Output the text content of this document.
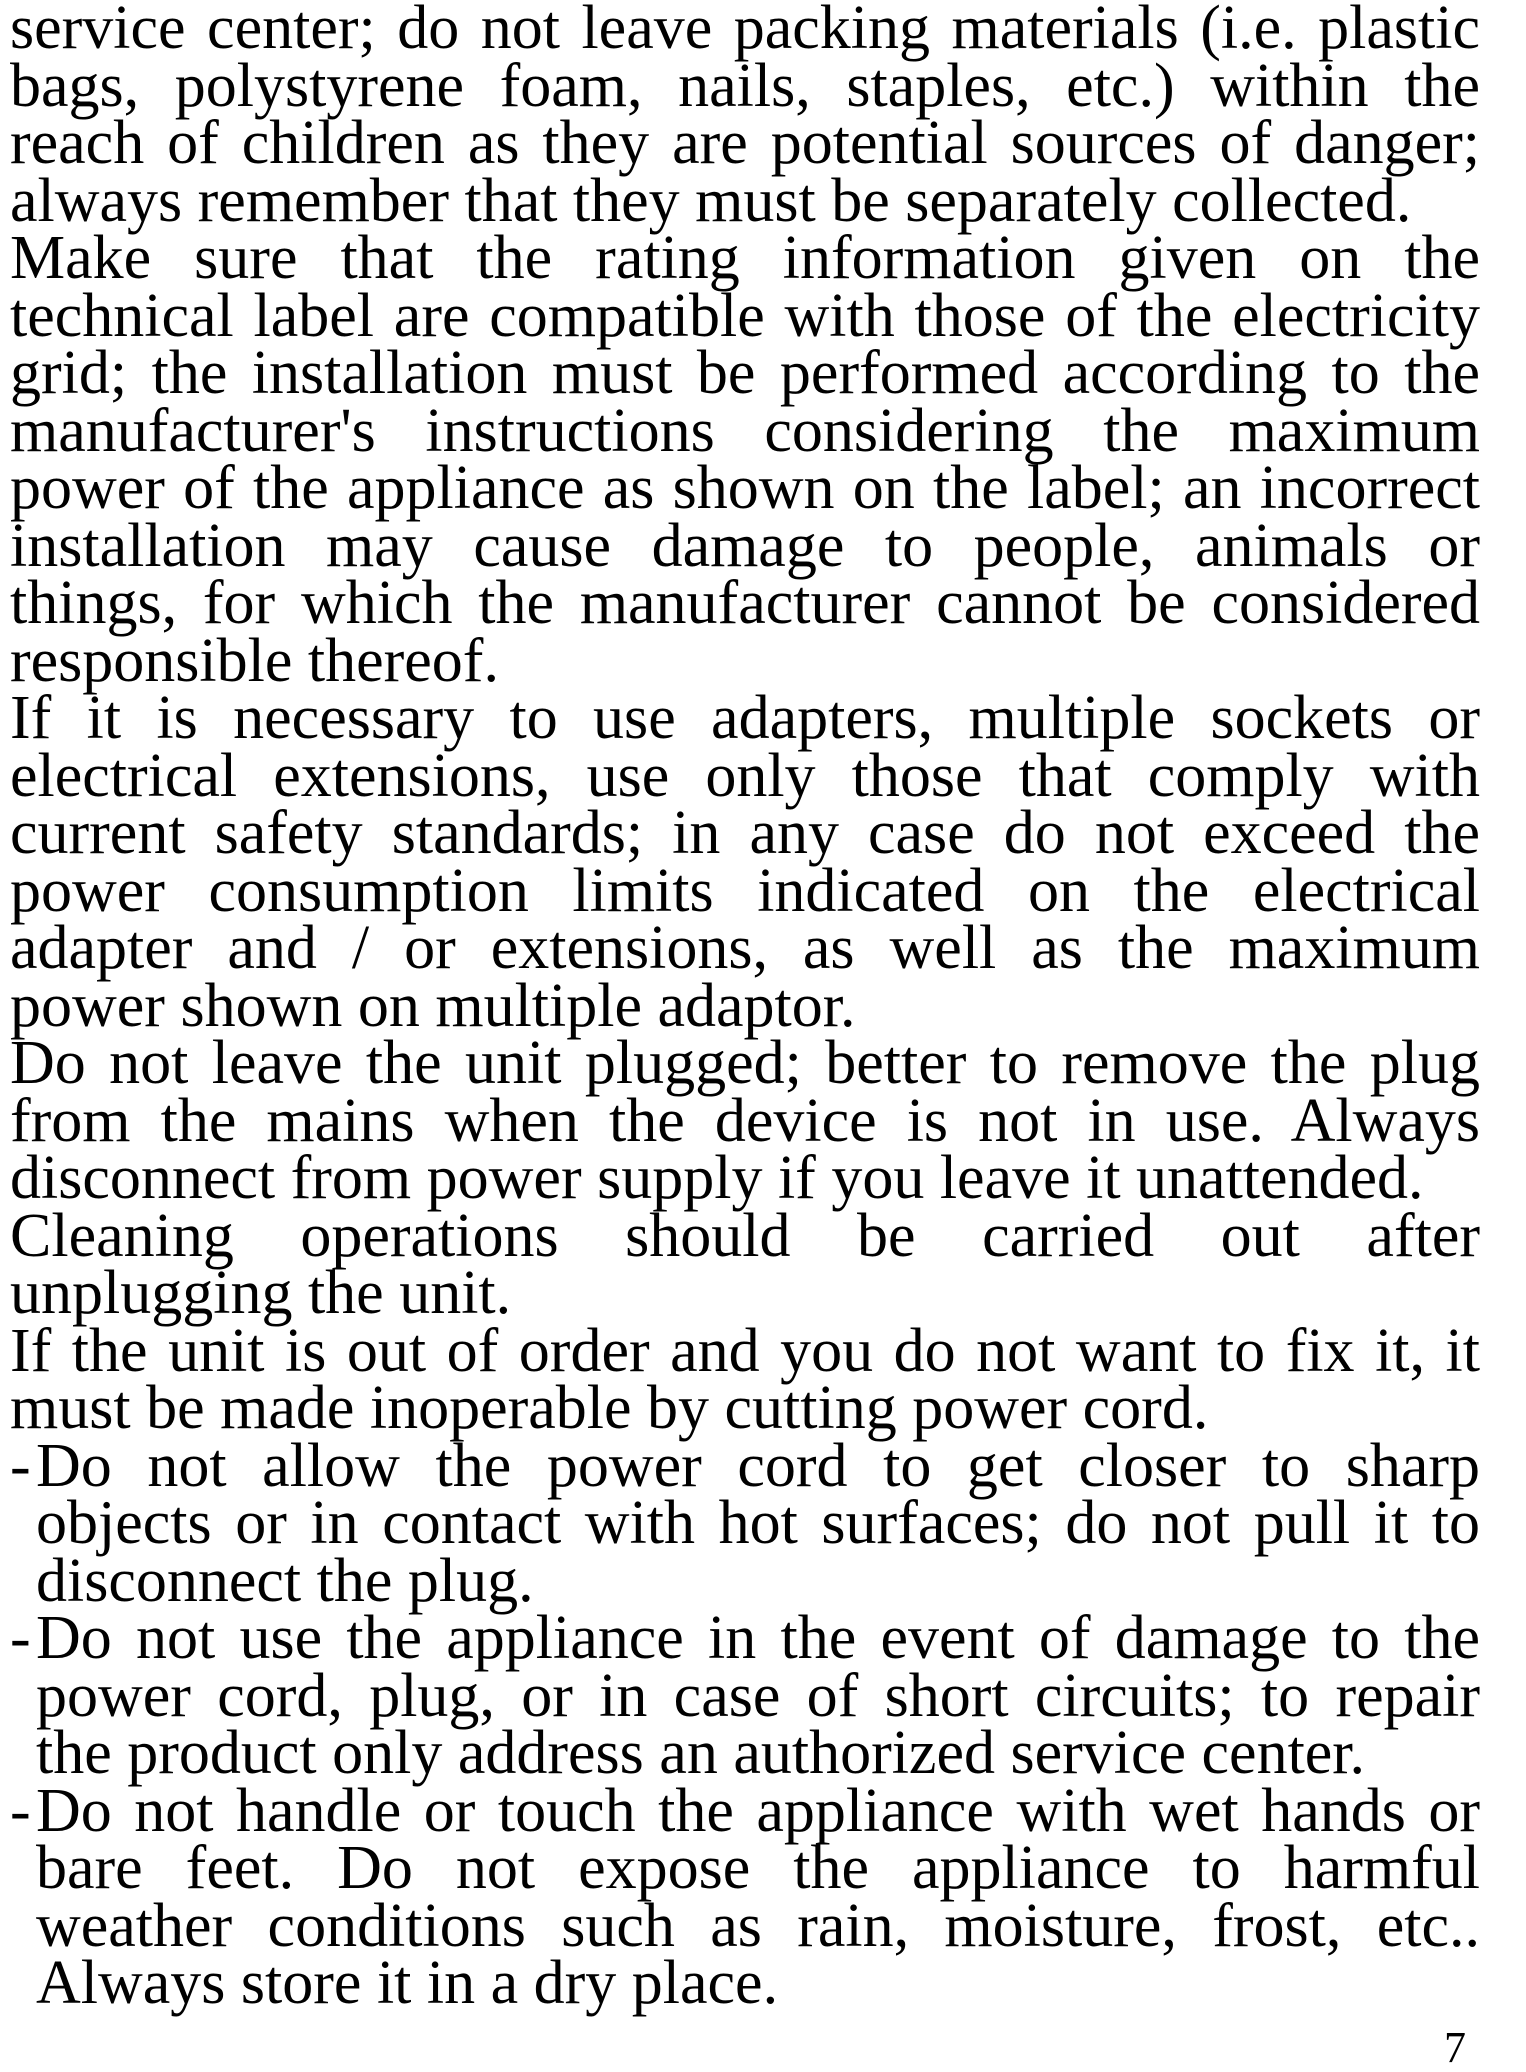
service center; do not leave packing materials (i.e. plastic
bags, polystyrene foam, nails, staples, etc.) within the
reach of children as they are potential sources of danger;
always remember that they must be separately collected.
Make sure that the rating information given on the
technical label are compatible with those of the electricity
grid; the installation must be performed according to the
manufacturer's instructions considering the maximum
power of the appliance as shown on the label; an incorrect
installation may cause damage to people, animals or
things, for which the manufacturer cannot be considered
responsible thereof.
If it is necessary to use adapters, multiple sockets or
electrical extensions, use only those that comply with
current safety standards; in any case do not exceed the
power consumption limits indicated on the electrical
adapter and / or extensions, as well as the maximum
power shown on multiple adaptor.
Do not leave the unit plugged; better to remove the plug
from the mains when the device is not in use. Always
disconnect from power supply if you leave it unattended.
Cleaning operations should be carried out after
unplugging the unit.
If the unit is out of order and you do not want to fix it, it
must be made inoperable by cutting power cord.
- Do not allow the power cord to get closer to sharp
objects or in contact with hot surfaces; do not pull it to
disconnect the plug.
- Do not use the appliance in the event of damage to the
power cord, plug, or in case of short circuits; to repair
the product only address an authorized service center.
- Do not handle or touch the appliance with wet hands or
bare feet. Do not expose the appliance to harmful
weather conditions such as rain, moisture, frost, etc..
Always store it in a dry place.
7
